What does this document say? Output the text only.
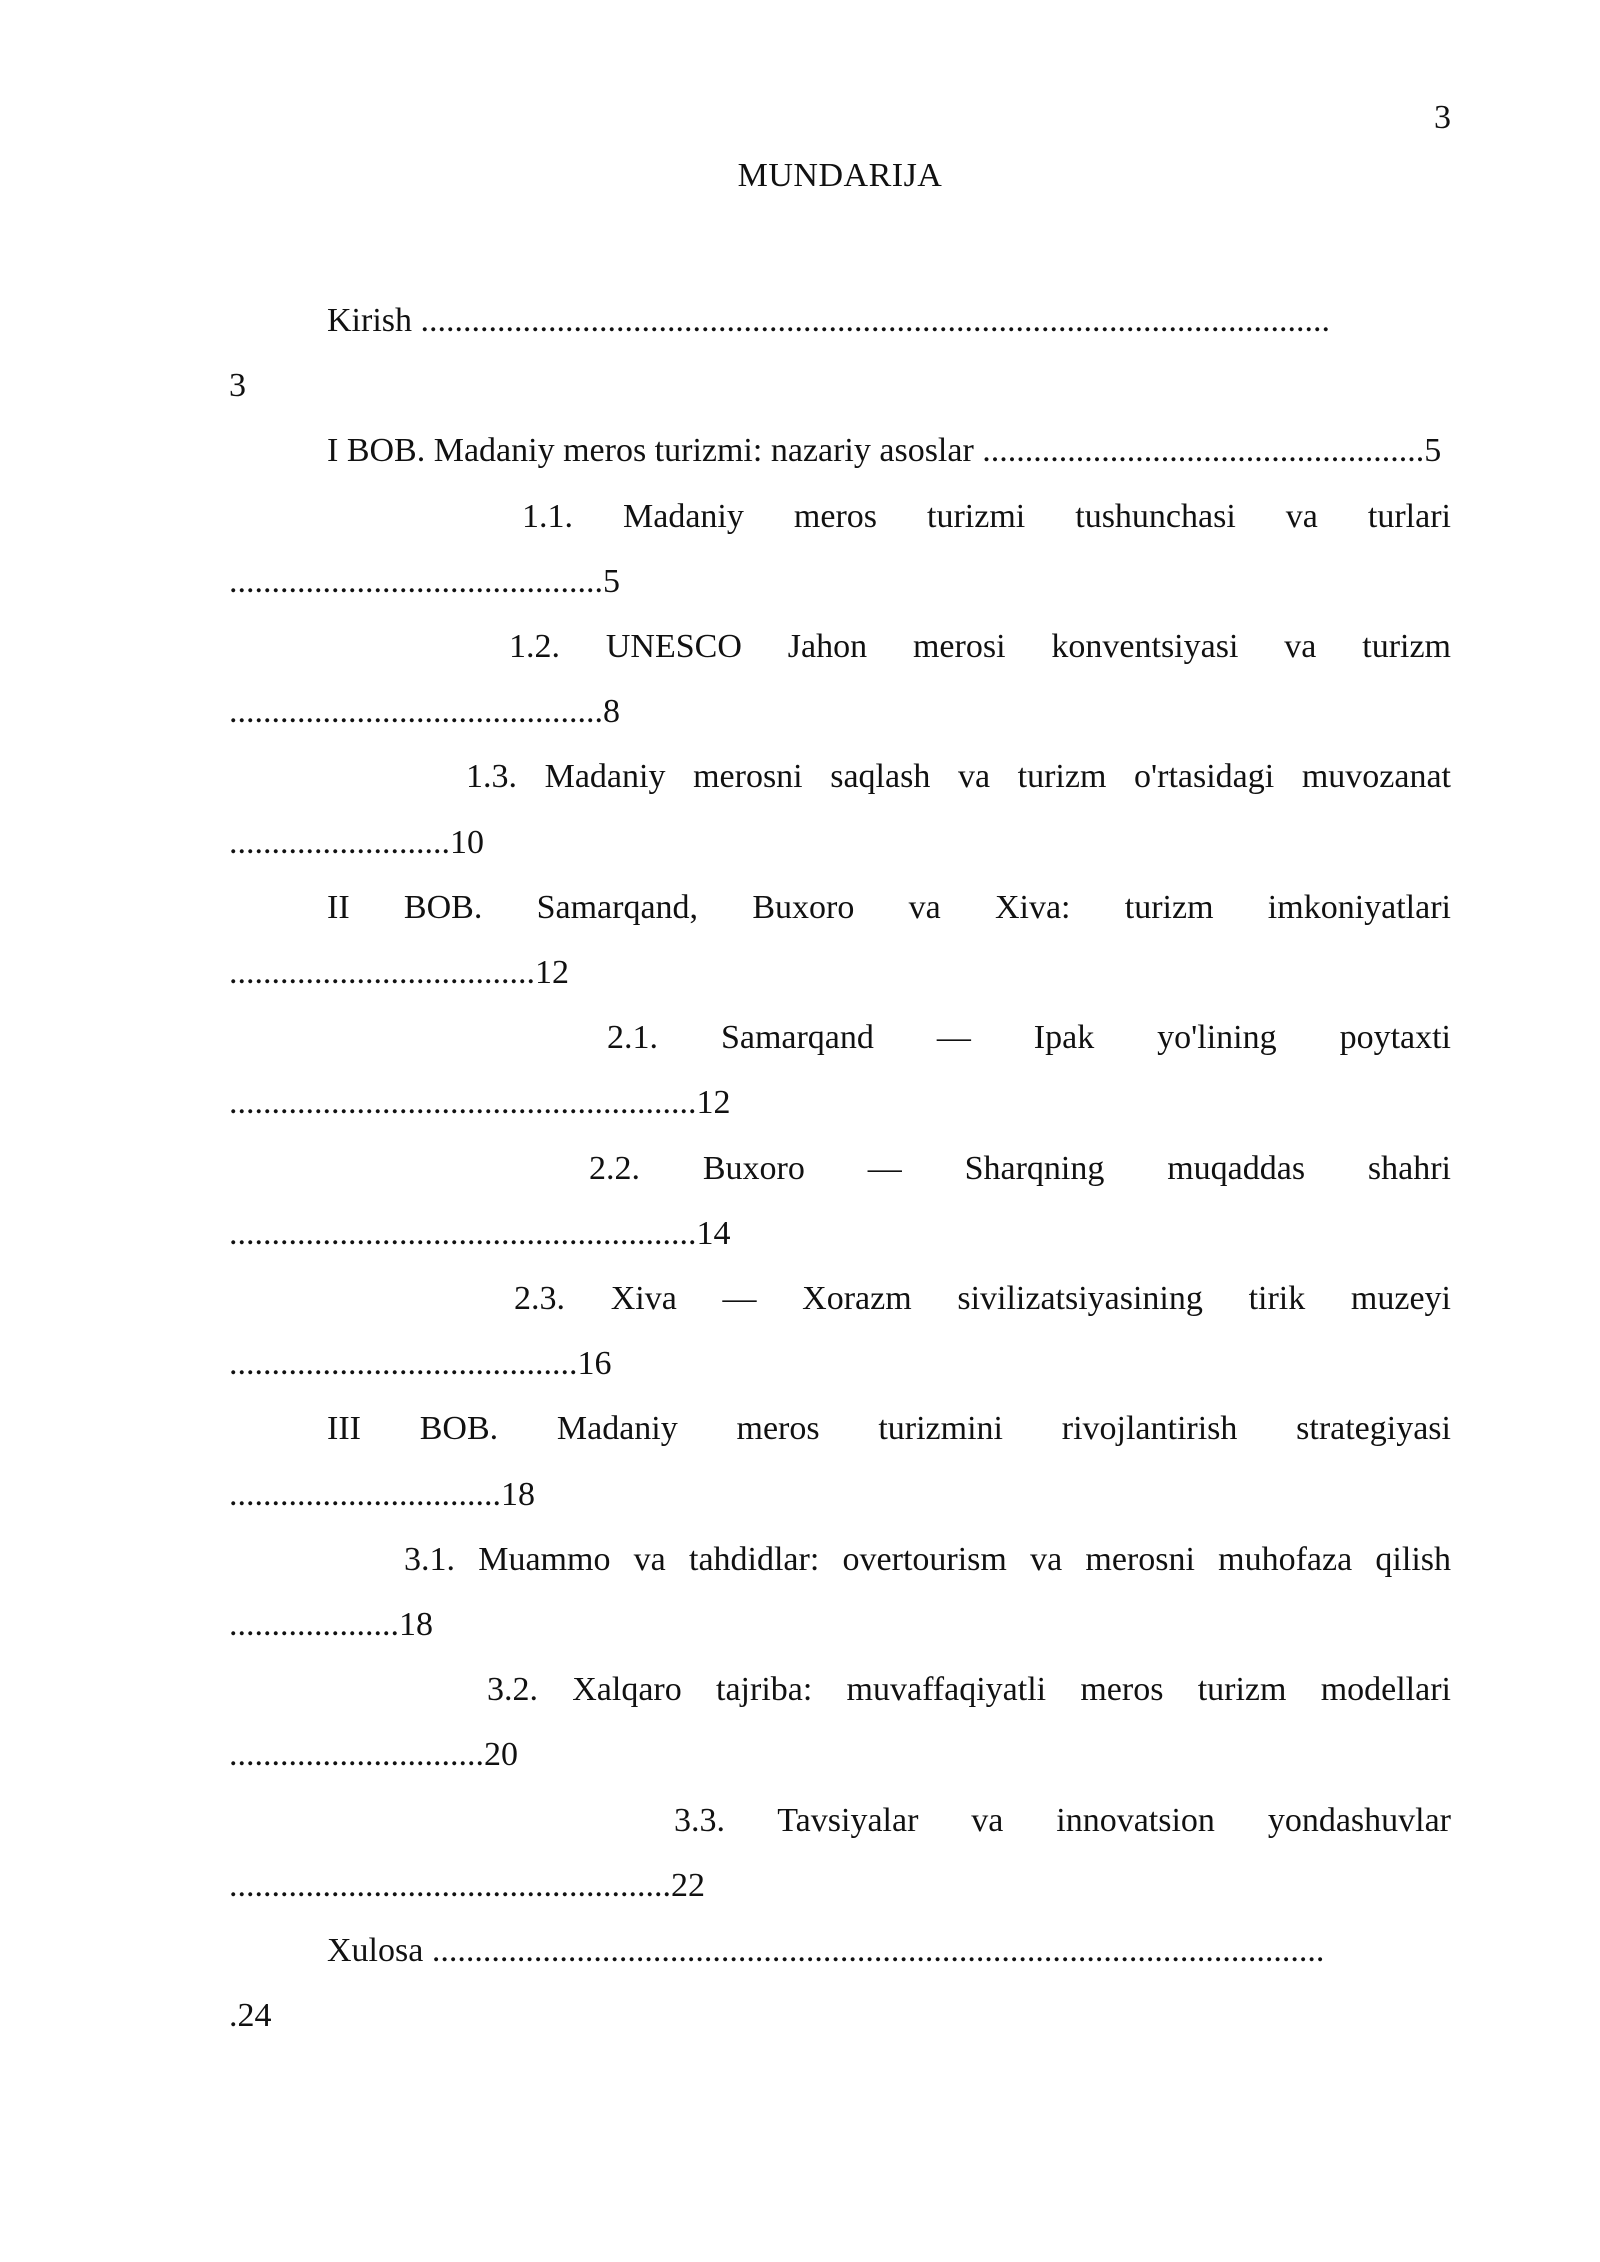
3
MUNDARIJA

Kirish ...........................................................................................................
3

I BOB. Madaniy meros turizmi: nazariy asoslar ....................................................5

1.1. Madaniy meros turizmi tushunchasi va turlari ............................................5

1.2. UNESCO Jahon merosi konventsiyasi va turizm ............................................8

1.3. Madaniy merosni saqlash va turizm o'rtasidagi muvozanat ..........................10

II BOB. Samarqand, Buxoro va Xiva: turizm imkoniyatlari ....................................12

2.1. Samarqand — Ipak yo'lining poytaxti .......................................................12

2.2. Buxoro — Sharqning muqaddas shahri .......................................................14

2.3. Xiva — Xorazm sivilizatsiyasining tirik muzeyi .........................................16

III BOB. Madaniy meros turizmini rivojlantirish strategiyasi ................................18

3.1. Muammo va tahdidlar: overtourism va merosni muhofaza qilish ....................18

3.2. Xalqaro tajriba: muvaffaqiyatli meros turizm modellari ..............................20

3.3. Tavsiyalar va innovatsion yondashuvlar ....................................................22

Xulosa .........................................................................................................
.24
